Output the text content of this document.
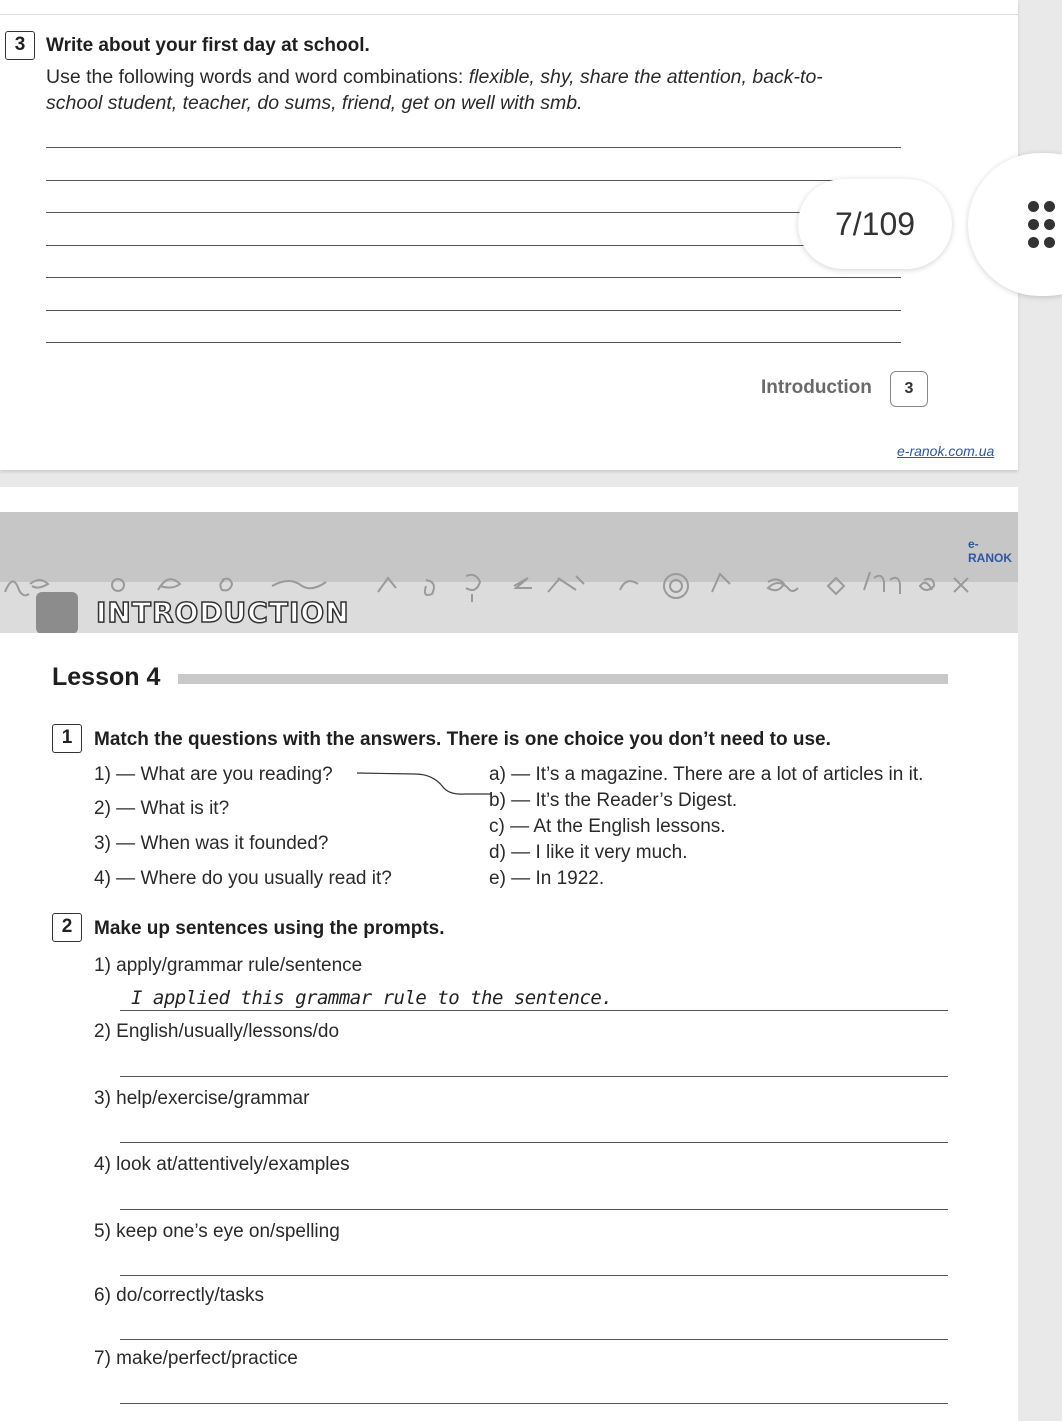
3	Write about your first day at school.
Use the following words and word combinations: flexible, shy, share the attention, back-to-
school student, teacher, do sums, friend, get on well with smb.
Introduction	3
e-ranok.com.ua
e-RANOK
INTRODUCTION
Lesson 4
1	Match the questions with the answers. There is one choice you don’t need to use.
1) — What are you reading?
2) — What is it?
3) — When was it founded?
4) — Where do you usually read it?
a) — It’s a magazine. There are a lot of articles in it.
b) — It’s the Reader’s Digest.
c) — At the English lessons.
d) — I like it very much.
e) — In 1922.
2	Make up sentences using the prompts.
1) apply/grammar rule/sentence
I applied this grammar rule to the sentence.
2) English/usually/lessons/do
3) help/exercise/grammar
4) look at/attentively/examples
5) keep one’s eye on/spelling
6) do/correctly/tasks
7) make/perfect/practice
7/109
